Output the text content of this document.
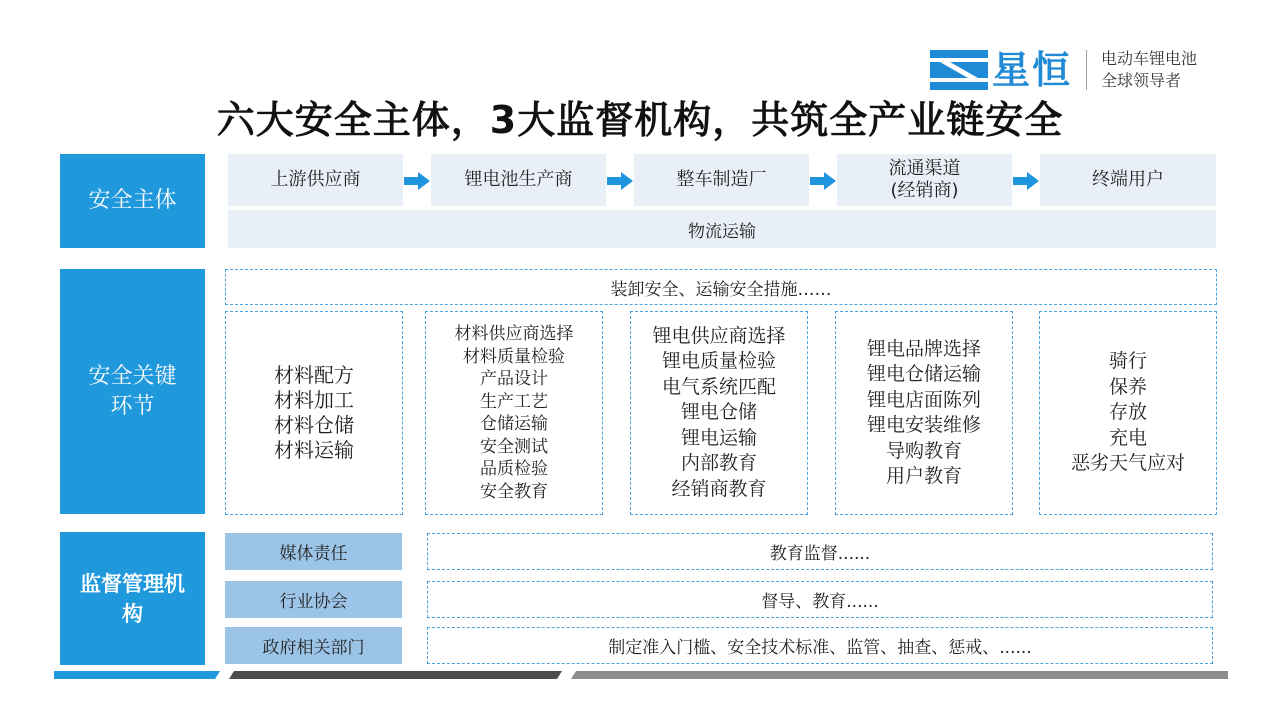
星恒 电动车锂电池
全球领导者
六大安全主体，3大监督机构，共筑全产业链安全
安全主体
上游供应商	锂电池生产商	整车制造厂
流通渠道
(经销商)
终端用户
物流运输
安全关键环节
装卸安全、运输安全措施……
材料配方
材料加工
材料仓储
材料运输
材料供应商选择
材料质量检验
产品设计
生产工艺
仓储运输
安全测试
品质检验
安全教育
锂电供应商选择
锂电质量检验
电气系统匹配
锂电仓储
锂电运输
内部教育
经销商教育
锂电品牌选择
锂电仓储运输
锂电店面陈列
锂电安装维修
导购教育
用户教育
骑行
保养
存放
充电
恶劣天气应对
监督管理机构
媒体责任	教育监督......
行业协会	督导、教育......
政府相关部门	制定准入门槛、安全技术标准、监管、抽查、惩戒、......
